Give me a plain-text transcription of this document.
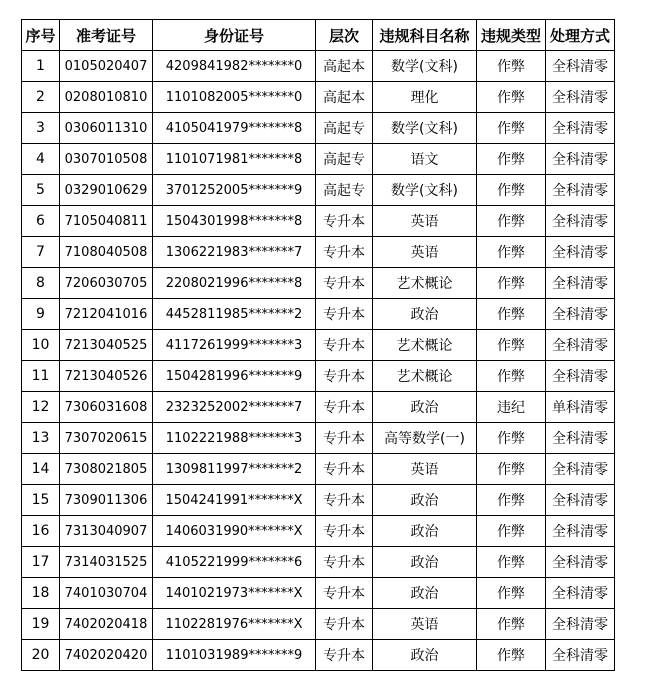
序号	准考证号	身份证号	层次	违规科目名称	违规类型	处理方式
1	0105020407	4209841982*******0	高起本	数学(文科)	作弊	全科清零
2	0208010810	1101082005*******0	高起本	理化	作弊	全科清零
3	0306011310	4105041979*******8	高起专	数学(文科)	作弊	全科清零
4	0307010508	1101071981*******8	高起专	语文	作弊	全科清零
5	0329010629	3701252005*******9	高起专	数学(文科)	作弊	全科清零
6	7105040811	1504301998*******8	专升本	英语	作弊	全科清零
7	7108040508	1306221983*******7	专升本	英语	作弊	全科清零
8	7206030705	2208021996*******8	专升本	艺术概论	作弊	全科清零
9	7212041016	4452811985*******2	专升本	政治	作弊	全科清零
10	7213040525	4117261999*******3	专升本	艺术概论	作弊	全科清零
11	7213040526	1504281996*******9	专升本	艺术概论	作弊	全科清零
12	7306031608	2323252002*******7	专升本	政治	违纪	单科清零
13	7307020615	1102221988*******3	专升本	高等数学(一)	作弊	全科清零
14	7308021805	1309811997*******2	专升本	英语	作弊	全科清零
15	7309011306	1504241991*******X	专升本	政治	作弊	全科清零
16	7313040907	1406031990*******X	专升本	政治	作弊	全科清零
17	7314031525	4105221999*******6	专升本	政治	作弊	全科清零
18	7401030704	1401021973*******X	专升本	政治	作弊	全科清零
19	7402020418	1102281976*******X	专升本	英语	作弊	全科清零
20	7402020420	1101031989*******9	专升本	政治	作弊	全科清零
